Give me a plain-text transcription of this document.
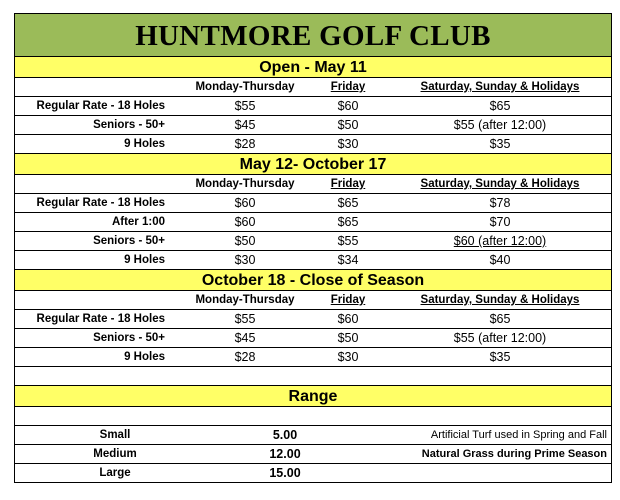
HUNTMORE GOLF CLUB
Open - May 11
Monday-Thursday	Friday	Saturday, Sunday & Holidays
Regular Rate - 18 Holes	$55	$60	$65
Seniors - 50+	$45	$50	$55 (after 12:00)
9 Holes	$28	$30	$35
May 12- October 17
Monday-Thursday	Friday	Saturday, Sunday & Holidays
Regular Rate - 18 Holes	$60	$65	$78
After 1:00	$60	$65	$70
Seniors - 50+	$50	$55	$60 (after 12:00)
9 Holes	$30	$34	$40
October 18 - Close of Season
Monday-Thursday	Friday	Saturday, Sunday & Holidays
Regular Rate - 18 Holes	$55	$60	$65
Seniors - 50+	$45	$50	$55 (after 12:00)
9 Holes	$28	$30	$35
Range
Small	5.00	Artificial Turf used in Spring and Fall
Medium	12.00	Natural Grass during Prime Season
Large	15.00
